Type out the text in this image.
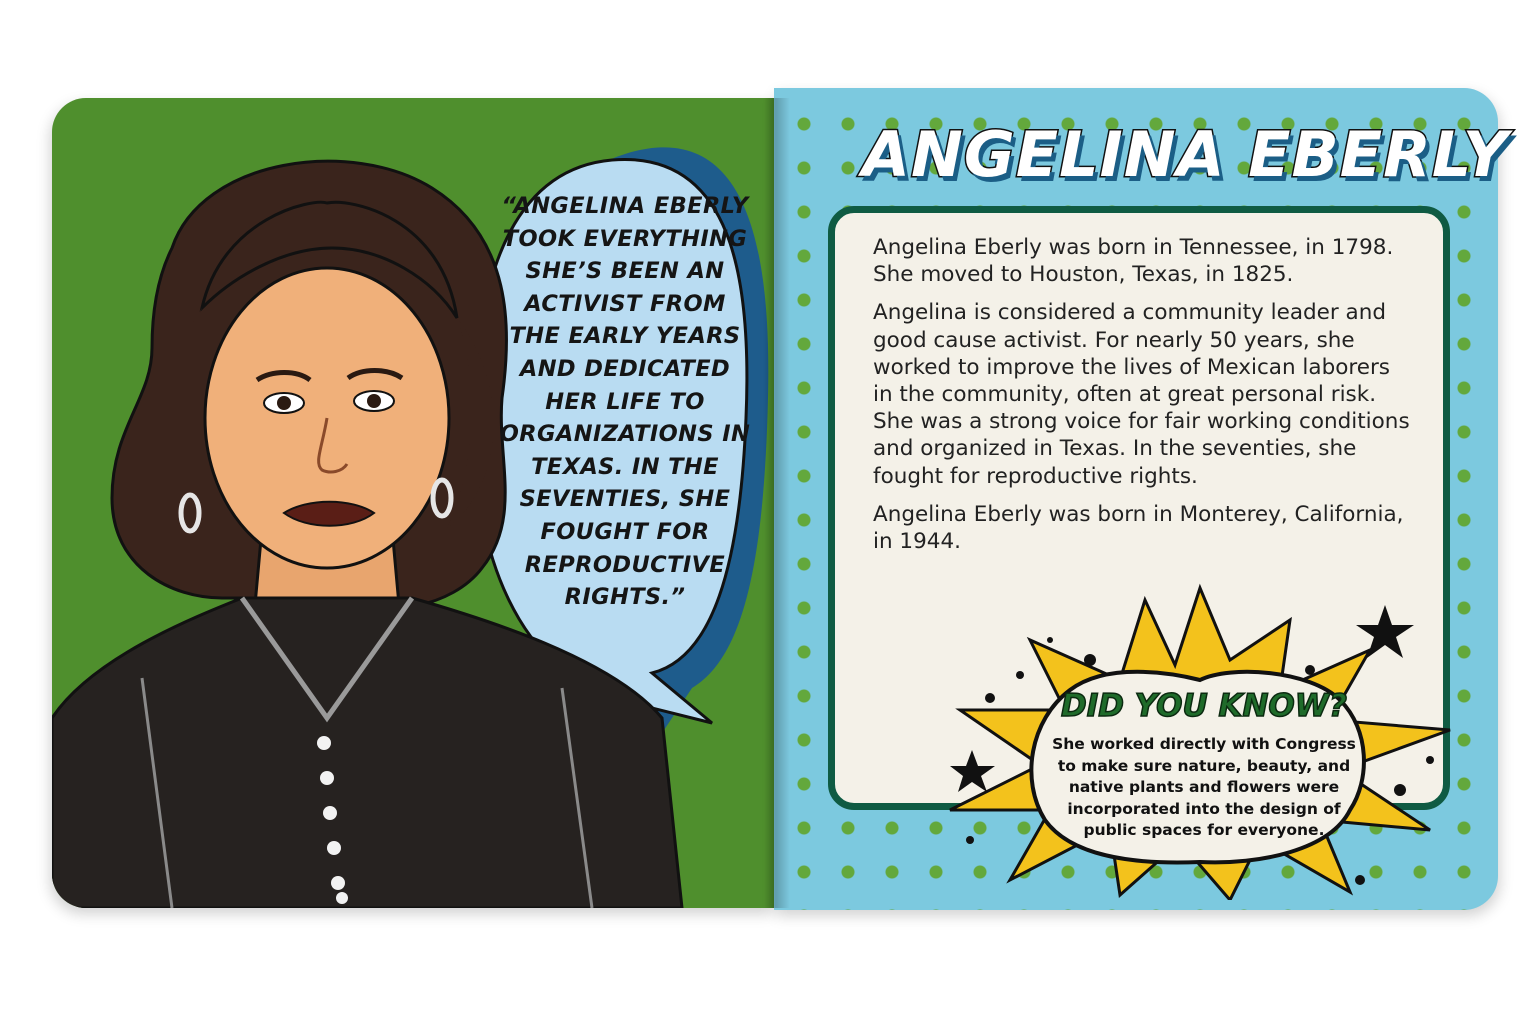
“ANGELINA EBERLY TOOK EVERYTHING SHE’S BEEN AN ACTIVIST FROM THE EARLY YEARS AND DEDICATED HER LIFE TO ORGANIZATIONS IN TEXAS. IN THE SEVENTIES, SHE FOUGHT FOR REPRODUCTIVE RIGHTS.”
ANGELINA EBERLY

Angelina Eberly was born in Tennessee, in 1798. She moved to Houston, Texas, in 1825.

Angelina is considered a community leader and good cause activist. For nearly 50 years, she worked to improve the lives of Mexican laborers in the community, often at great personal risk. She was a strong voice for fair working conditions and organized in Texas. In the seventies, she fought for reproductive rights.

Angelina Eberly was born in Monterey, California, in 1944.

DID YOU KNOW?
She worked directly with Congress to make sure nature, beauty, and native plants and flowers were incorporated into the design of public spaces for everyone.
